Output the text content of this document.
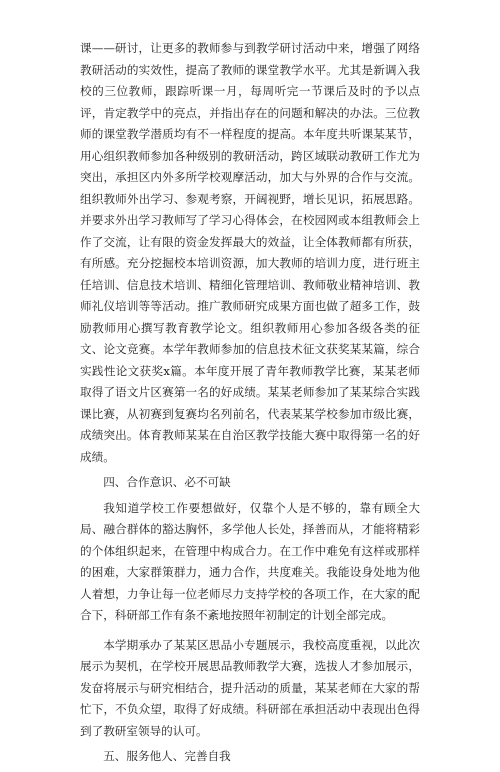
课——研讨，让更多的教师参与到教学研讨活动中来，增强了网络教研活动的实效性，提高了教师的课堂教学水平。尤其是新调入我校的三位教师，跟踪听课一月，每周听完一节课后及时的予以点评，肯定教学中的亮点，并指出存在的问题和解决的办法。三位教师的课堂教学潜质均有不一样程度的提高。本年度共听课某某节，用心组织教师参加各种级别的教研活动，跨区域联动教研工作尤为突出，承担区内外多所学校观摩活动，加大与外界的合作与交流。组织教师外出学习、参观考察，开阔视野，增长见识，拓展思路。并要求外出学习教师写了学习心得体会，在校园网或本组教师会上作了交流，让有限的资金发挥最大的效益，让全体教师都有所获，有所感。充分挖掘校本培训资源，加大教师的培训力度，进行班主任培训、信息技术培训、精细化管理培训、教师敬业精神培训、教师礼仪培训等等活动。推广教师研究成果方面也做了超多工作，鼓励教师用心撰写教育教学论文。组织教师用心参加各级各类的征文、论文竞赛。本学年教师参加的信息技术征文获奖某某篇，综合实践性论文获奖x篇。本年度开展了青年教师教学比赛，某某老师取得了语文片区赛第一名的好成绩。某某老师参加了某某综合实践课比赛，从初赛到复赛均名列前名，代表某某学校参加市级比赛，成绩突出。体育教师某某在自治区教学技能大赛中取得第一名的好成绩。

四、合作意识、必不可缺

我知道学校工作要想做好，仅靠个人是不够的，靠有顾全大局、融合群体的豁达胸怀，多学他人长处，择善而从，才能将精彩的个体组织起来，在管理中构成合力。在工作中难免有这样或那样的困难，大家群策群力，通力合作，共度难关。我能设身处地为他人着想，力争让每一位老师尽力支持学校的各项工作，在大家的配合下，科研部工作有条不紊地按照年初制定的计划全部完成。

本学期承办了某某区思品小专题展示，我校高度重视，以此次展示为契机，在学校开展思品教师教学大赛，选拔人才参加展示，发奋将展示与研究相结合，提升活动的质量，某某老师在大家的帮忙下，不负众望，取得了好成绩。科研部在承担活动中表现出色得到了教研室领导的认可。

五、服务他人、完善自我
